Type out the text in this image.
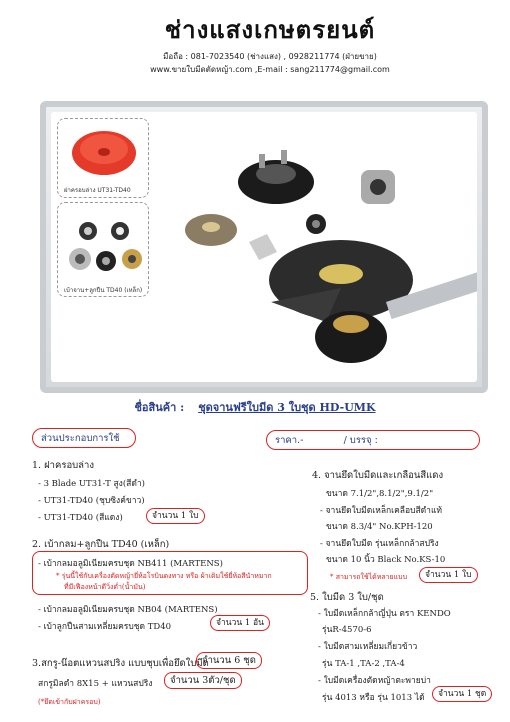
ช่างแสงเกษตรยนต์
มือถือ : 081-7023540 (ช่างแสง) , 0928211774 (ฝ่ายขาย)
www.ขายใบมีดตัดหญ้า.com ,E-mail : sang211774@gmail.com
ฝาครอบล่าง UT31-TD40
เบ้าจาน+ลูกปืน TD40 (เหล็ก)
ชื่อสินค้า : ชุดจานฟรีใบมีด 3 ใบชุด HD-UMK
ส่วนประกอบการใช้	ราคา.-	/ บรรจุ :
1. ฝาครอบล่าง
- 3 Blade UT31-T สูง(สีดำ)
- UT31-TD40 (ชุบซิงค์ขาว)
- UT31-TD40 (สีแดง)	จำนวน 1 ใบ
2. เบ้ากลม+ลูกปืน TD40 (เหล็ก)
- เบ้ากลมอลูมิเนียมครบชุด NB411 (MARTENS)
* รุ่นนี้ใช้กับเครื่องตัดหญ้ายี่ห้อโรบินดงทาง หรือ ผ้าเดิมใช้ยี่ห้อสีนำหมาก
ที่มีเฟืองหน้าดีวิ่งต่ำ(น้ำมัน)
- เบ้ากลมอลูมิเนียมครบชุด NB04 (MARTENS)
- เบ้าลูกปืนสามเหลี่ยมครบชุด TD40	จำนวน 1 อัน
3.สกรู-น๊อตแหวนสปริง แบบชุบเพื่อยึดใบมีด
จำนวน 6 ชุด
สกรูมิลดำ 8X15 + แหวนสปริง	จำนวน 3ตัว/ชุด
(*ยึดเข้ากับฝาครอบ)
4. จานยึดใบมีดและเกลือนสีแดง
ขนาด 7.1/2",8.1/2",9.1/2"
- จานยึดใบมีดเหล็กเคลือบสีดำแท้
ขนาด 8.3/4" No.KPH-120
- จานยึดใบมีด รุ่นเหล็กกล้าสปริง
ขนาด 10 นิ้ว Black No.KS-10
* สามารถใช้ได้หลายแบบ	จำนวน 1 ใบ
5. ใบมีด 3 ใบ/ชุด
- ใบมีดเหล็กกล้าญี่ปุ่น ตรา KENDO
รุ่นR-4570-6
- ใบมีดสามเหลี่ยมเกี่ยวข้าว
รุ่น TA-1 ,TA-2 ,TA-4
- ใบมีดเครื่องตัดหญ้าตะพายบ่า
รุ่น 4013 หรือ รุ่น 1013 ได้	จำนวน 1 ชุด
